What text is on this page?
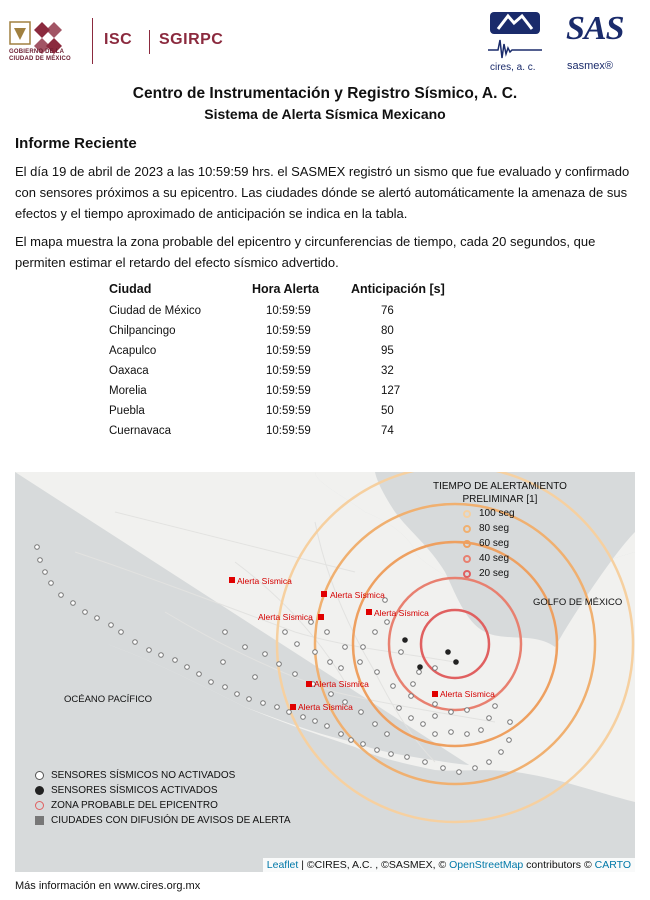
GOBIERNO DE LA
CIUDAD DE MÉXICO
ISC SGIRPC
cires, a. c.
SAS
sasmex®
Centro de Instrumentación y Registro Sísmico, A. C.
Sistema de Alerta Sísmica Mexicano
Informe Reciente
El día 19 de abril de 2023 a las 10:59:59 hrs. el SASMEX registró un sismo que fue evaluado y confirmado con sensores próximos a su epicentro. Las ciudades dónde se alertó automáticamente la amenaza de sus efectos y el tiempo aproximado de anticipación se indica en la tabla.
El mapa muestra la zona probable del epicentro y circunferencias de tiempo, cada 20 segundos, que permiten estimar el retardo del efecto sísmico advertido.
Ciudad	Hora Alerta	Anticipación [s]
Ciudad de México	10:59:59	76
Chilpancingo	10:59:59	80
Acapulco	10:59:59	95
Oaxaca	10:59:59	32
Morelia	10:59:59	127
Puebla	10:59:59	50
Cuernavaca	10:59:59	74
Alerta Sísmica
Alerta Sísmica
Alerta Sísmica	Alerta Sísmica
Alerta Sísmica
Alerta Sísmica
Alerta Sísmica
OCÉANO PACÍFICO
GOLFO DE MÉXICO
TIEMPO DE ALERTAMIENTO
PRELIMINAR [1]
100 seg
80 seg
60 seg
40 seg
20 seg
SENSORES SÍSMICOS NO ACTIVADOS
SENSORES SÍSMICOS ACTIVADOS
ZONA PROBABLE DEL EPICENTRO
CIUDADES CON DIFUSIÓN DE AVISOS DE ALERTA
Leaflet | ©CIRES, A.C. , ©SASMEX, © OpenStreetMap contributors © CARTO
Más información en www.cires.org.mx
